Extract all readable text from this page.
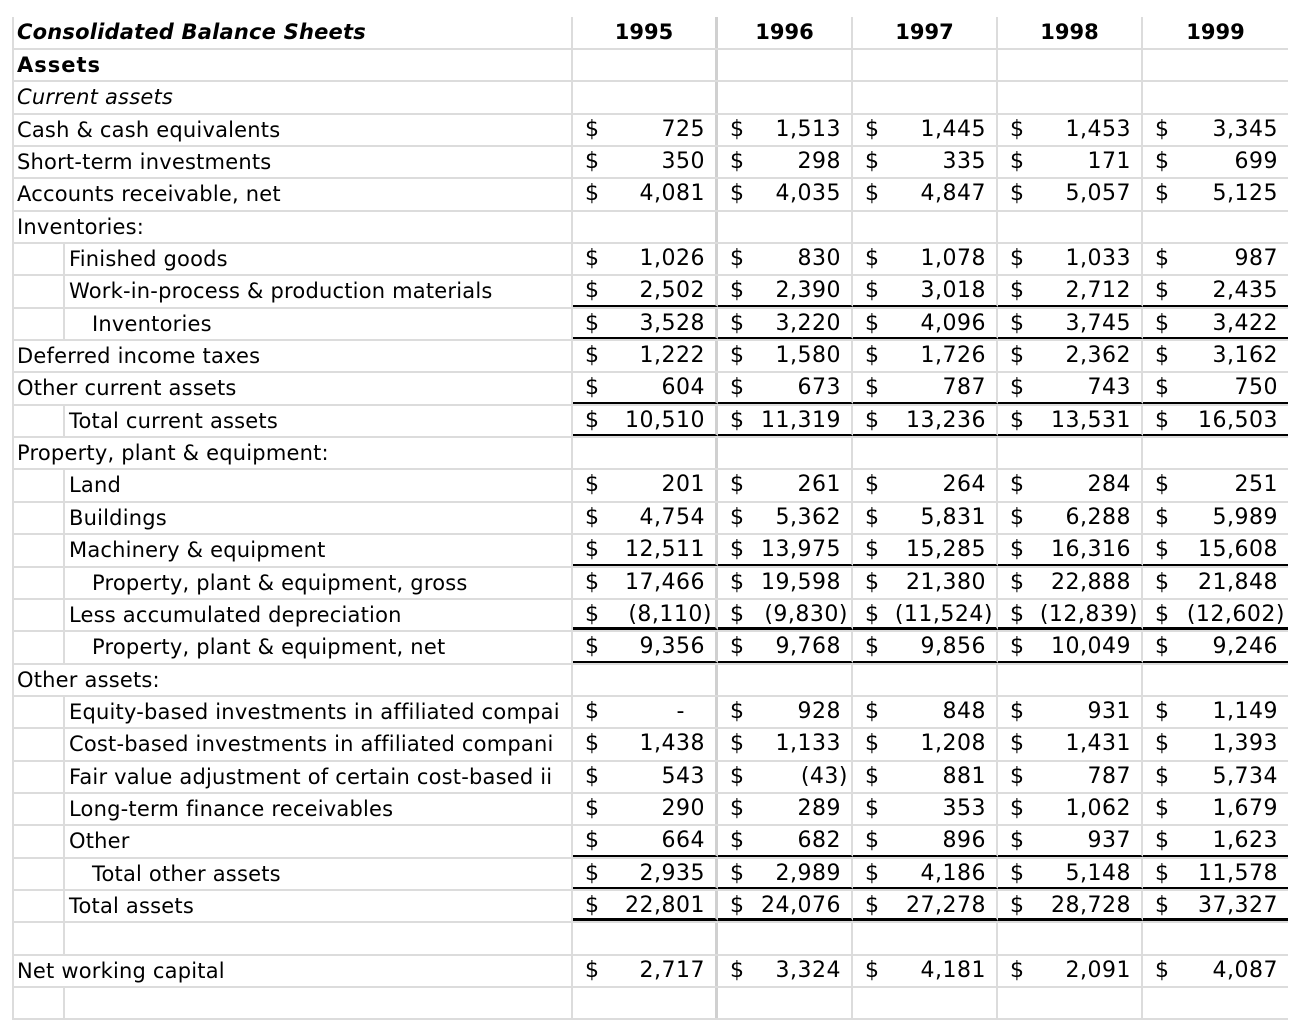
Consolidated Balance Sheets	1995	1996	1997	1998	1999
Assets
Current assets
Cash & cash equivalents	$	725 $ 1,513 $ 1,445 $ 1,453 $ 3,345
Short-term investments	$	350 $ 298 $	335 $	171 $	699
Accounts receivable, net	$ 4,081 $ 4,035 $ 4,847 $ 5,057 $ 5,125
Inventories:
Finished goods	$ 1,026 $ 830 $ 1,078 $ 1,033 $	987
Work-in-process & production materials	$ 2,502 $ 2,390 $ 3,018 $ 2,712 $ 2,435
Inventories	$ 3,528 $ 3,220 $ 4,096 $ 3,745 $ 3,422
Deferred income taxes	$ 1,222 $ 1,580 $ 1,726 $ 2,362 $ 3,162
Other current assets	$	604 $ 673 $	787 $	743 $	750
Total current assets	$ 10,510 $ 11,319 $ 13,236 $ 13,531 $ 16,503
Property, plant & equipment:
Land	$	201 $ 261 $	264 $	284 $	251
Buildings	$ 4,754 $ 5,362 $ 5,831 $ 6,288 $ 5,989
Machinery & equipment	$ 12,511 $ 13,975 $ 15,285 $ 16,316 $ 15,608
Property, plant & equipment, gross	$ 17,466 $ 19,598 $ 21,380 $ 22,888 $ 21,848
Less accumulated depreciation	$ (8,110) $ (9,830) $ (11,524) $ (12,839) $ (12,602)
Property, plant & equipment, net	$ 9,356 $ 9,768 $ 9,856 $ 10,049 $ 9,246
Other assets:
Equity-based investments in affiliated compai $	- $ 928 $	848 $	931 $ 1,149
Cost-based investments in affiliated compani $ 1,438 $ 1,133 $ 1,208 $ 1,431 $ 1,393
Fair value adjustment of certain cost-based ii $	543 $	(43) $	881 $	787 $ 5,734
Long-term finance receivables	$	290 $ 289 $	353 $ 1,062 $ 1,679
Other	$	664 $ 682 $	896 $	937 $ 1,623
Total other assets	$ 2,935 $ 2,989 $ 4,186 $ 5,148 $ 11,578
Total assets	$ 22,801 $ 24,076 $ 27,278 $ 28,728 $ 37,327
Net working capital	$ 2,717 $ 3,324 $ 4,181 $ 2,091 $ 4,087
